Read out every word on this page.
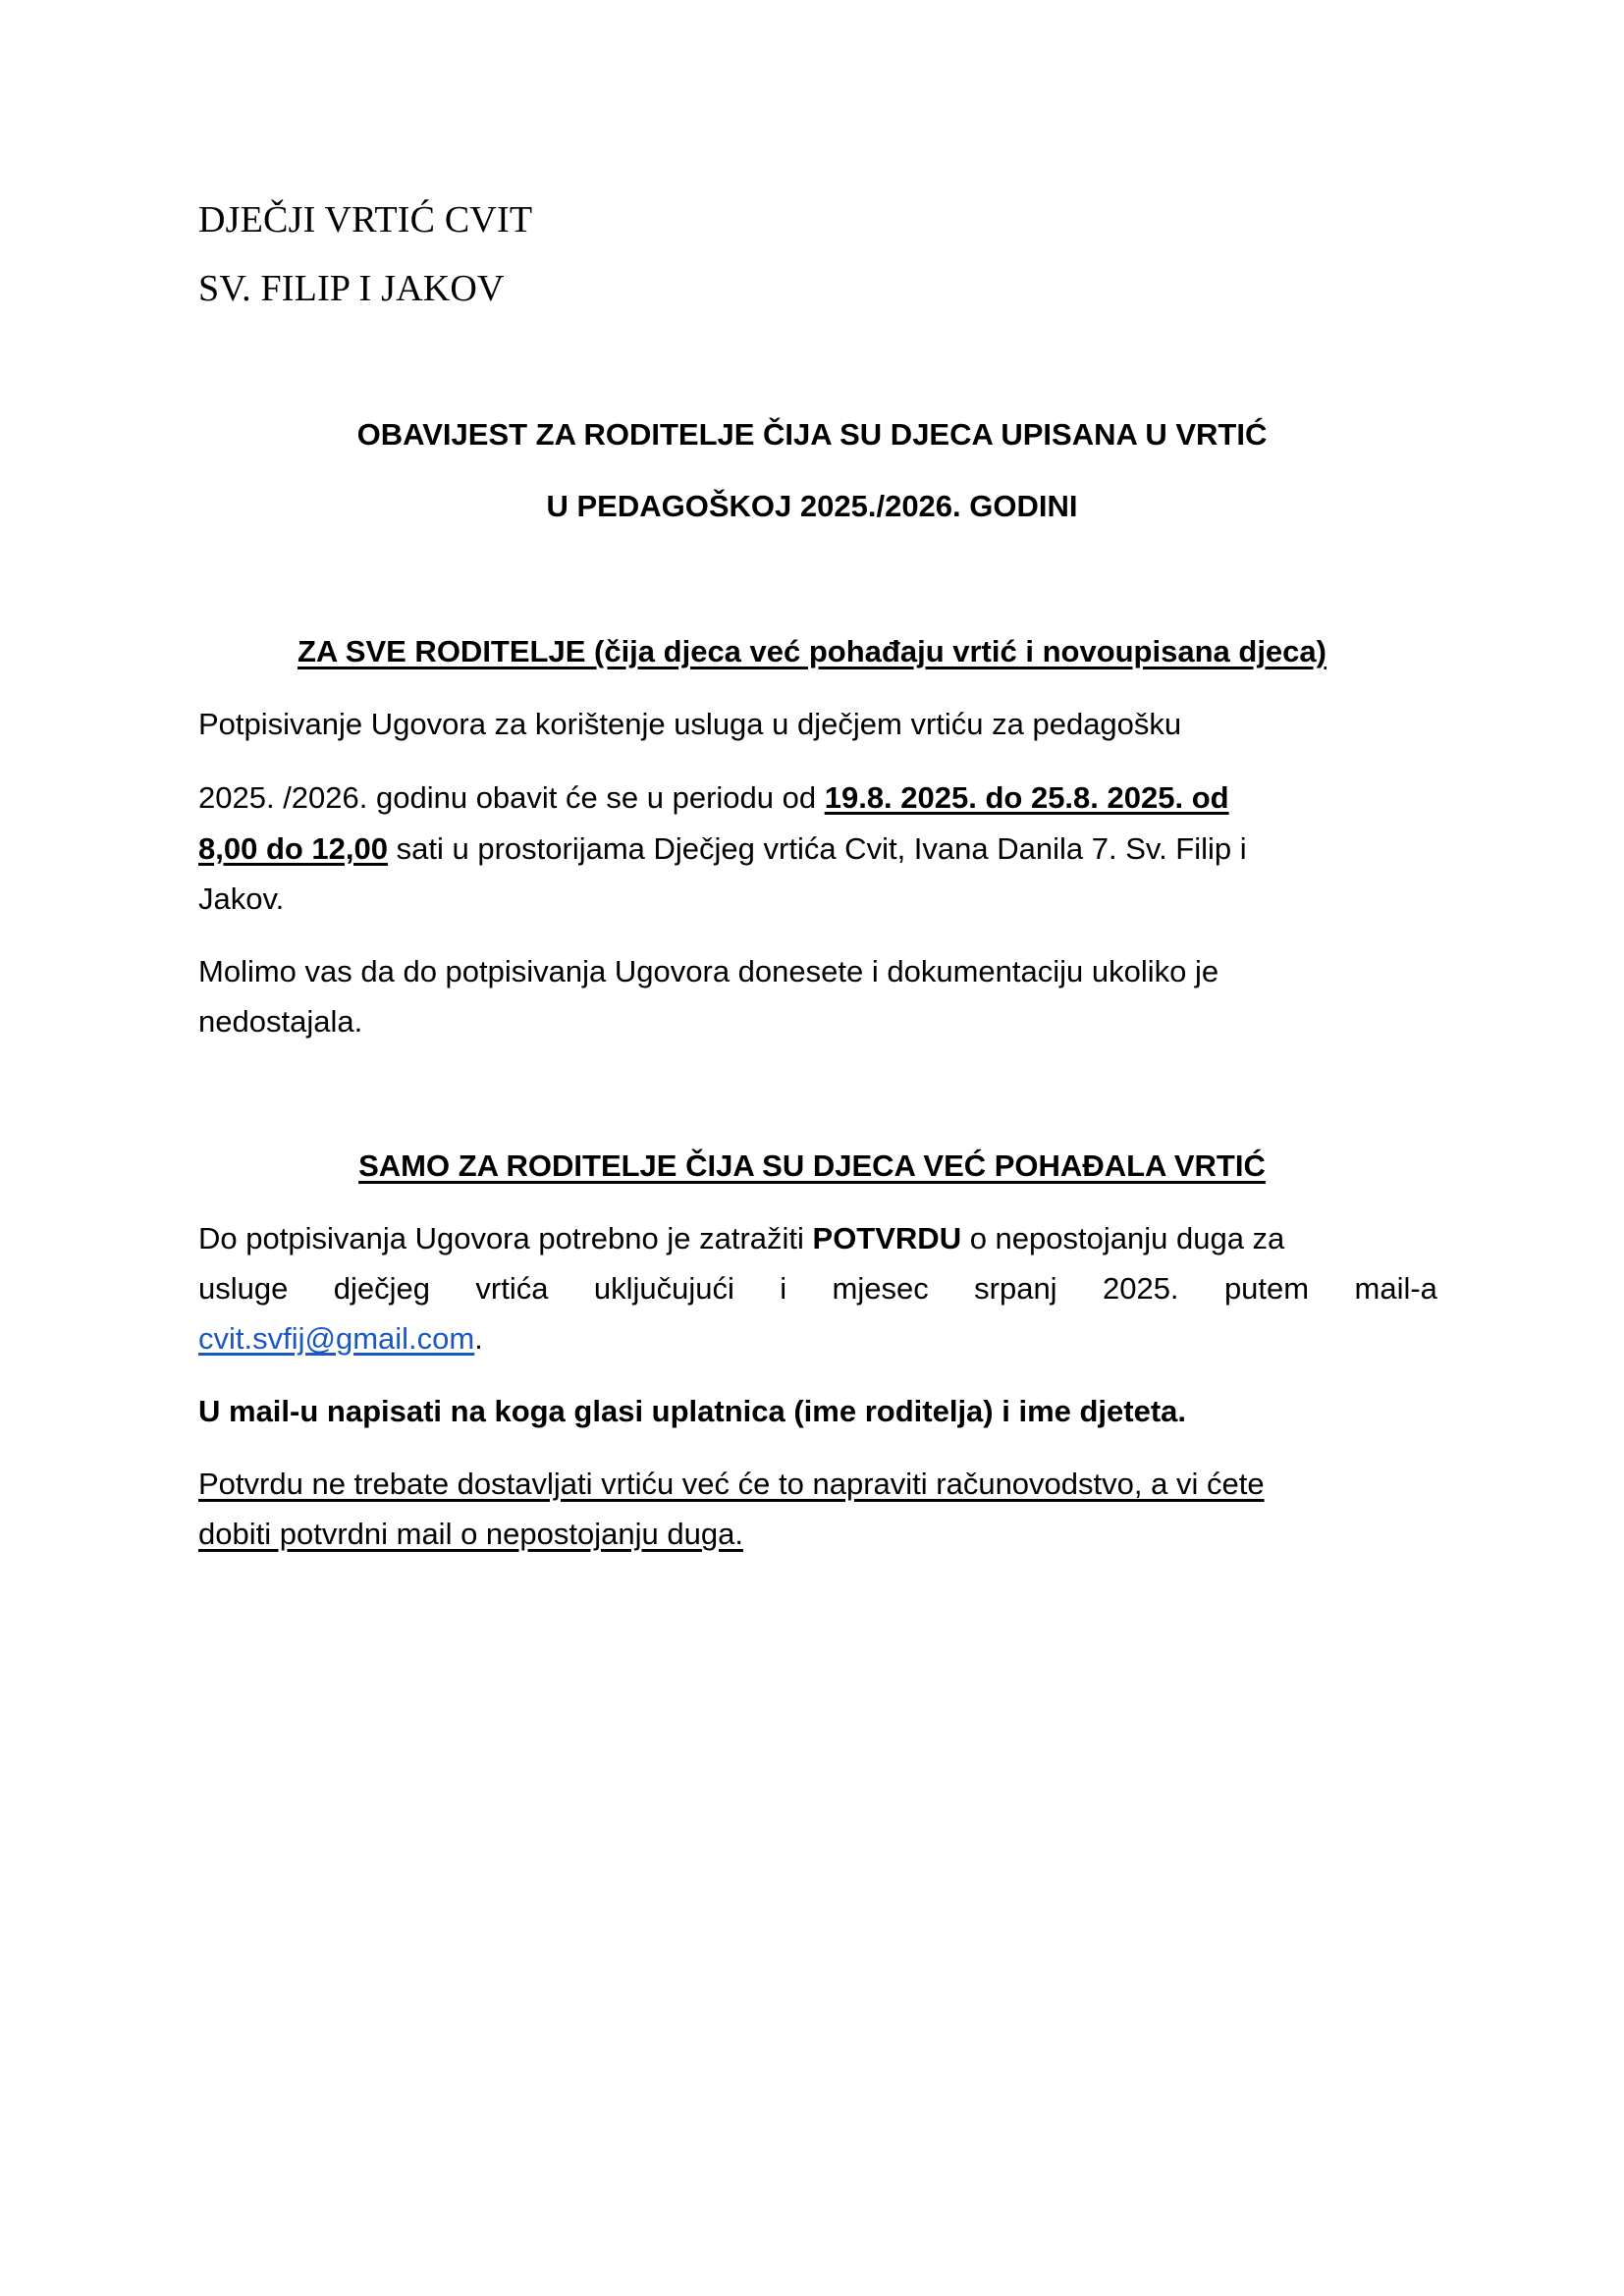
DJEČJI VRTIĆ CVIT
SV. FILIP I JAKOV
OBAVIJEST ZA RODITELJE ČIJA SU DJECA UPISANA U VRTIĆ
U PEDAGOŠKOJ 2025./2026. GODINI
ZA SVE RODITELJE (čija djeca već pohađaju vrtić i novoupisana djeca)
Potpisivanje Ugovora za korištenje usluga u dječjem vrtiću za pedagošku
2025. /2026. godinu obavit će se u periodu od 19.8. 2025. do 25.8. 2025. od
8,00 do 12,00 sati u prostorijama Dječjeg vrtića Cvit, Ivana Danila 7. Sv. Filip i
Jakov.
Molimo vas da do potpisivanja Ugovora donesete i dokumentaciju ukoliko je
nedostajala.
SAMO ZA RODITELJE ČIJA SU DJECA VEĆ POHAĐALA VRTIĆ
Do potpisivanja Ugovora potrebno je zatražiti POTVRDU o nepostojanju duga za
usluge dječjeg vrtića uključujući i mjesec srpanj 2025. putem mail-a
cvit.svfij@gmail.com.
U mail-u napisati na koga glasi uplatnica (ime roditelja) i ime djeteta.
Potvrdu ne trebate dostavljati vrtiću već će to napraviti računovodstvo, a vi ćete
dobiti potvrdni mail o nepostojanju duga.
